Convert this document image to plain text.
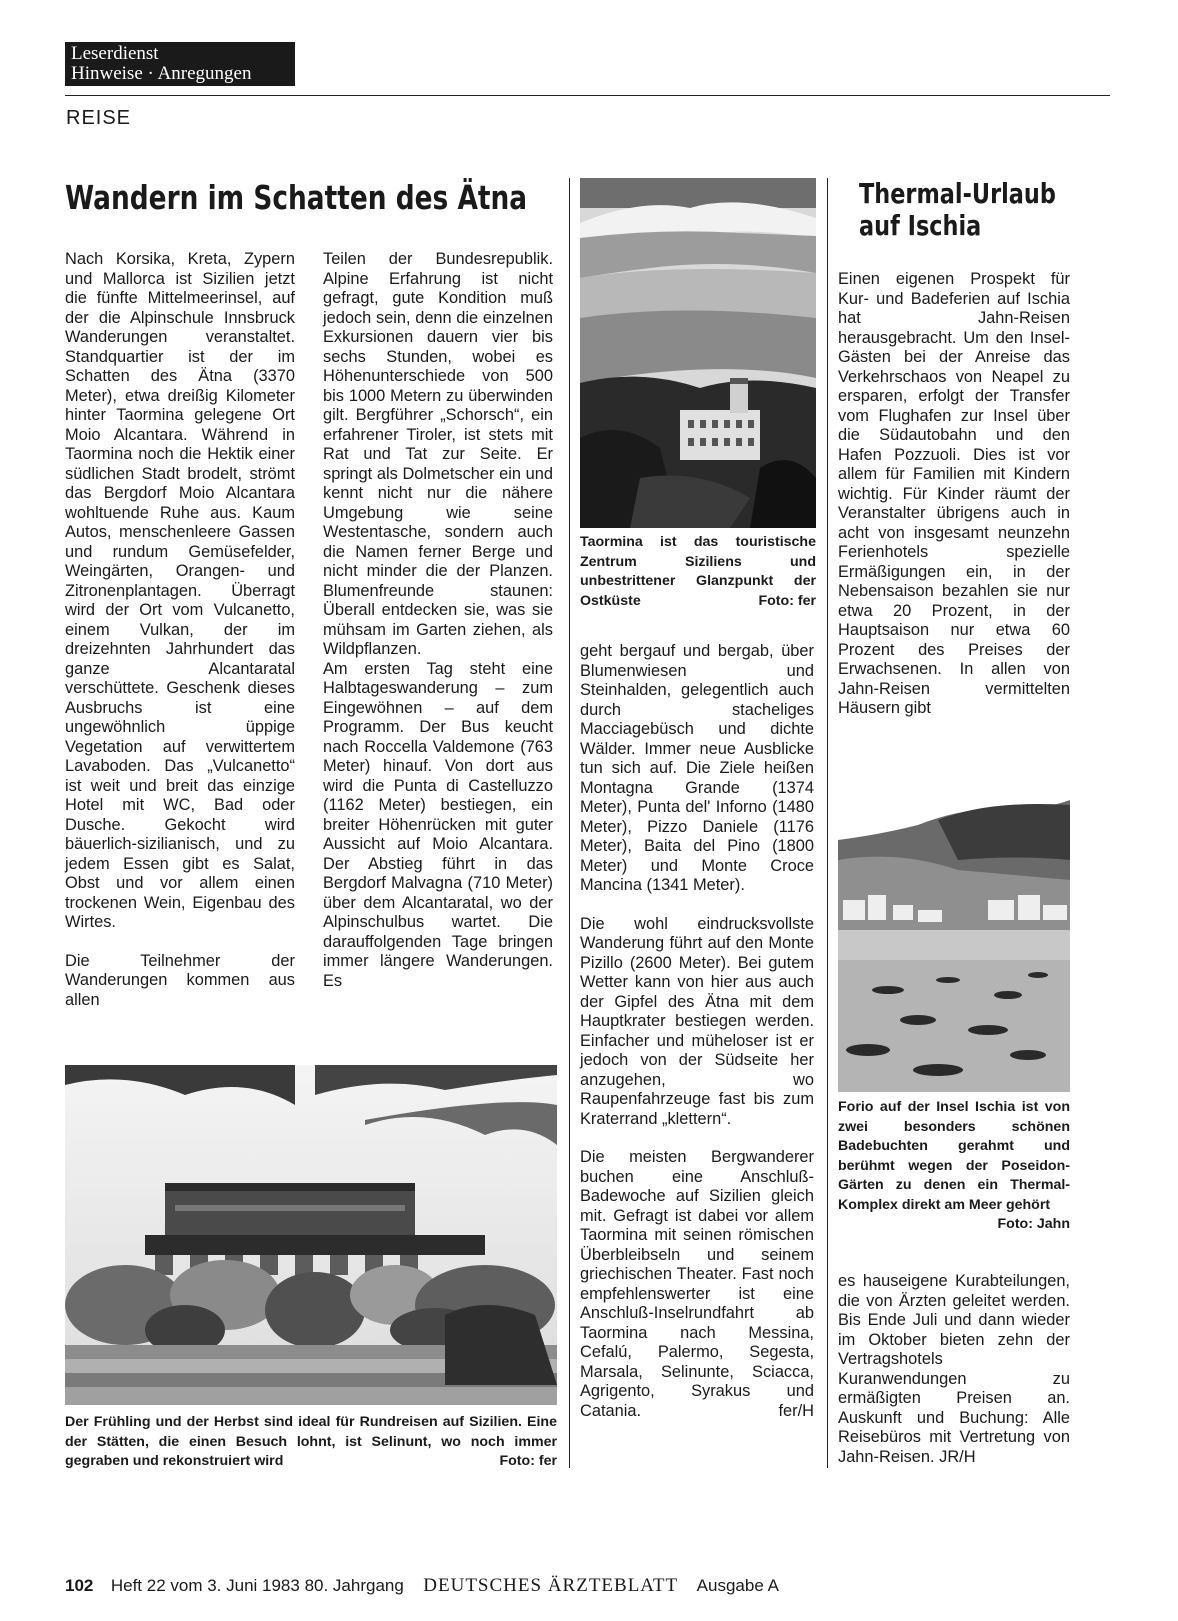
Leserdienst
Hinweise · Anregungen
REISE
Wandern im Schatten des Ätna	Thermal-Urlaub auf Ischia

Nach Korsika, Kreta, Zypern und Mallorca ist Sizilien jetzt die fünfte Mittelmeerinsel, auf der die Alpinschule Innsbruck Wanderungen veranstaltet. Standquartier ist der im Schatten des Ätna (3370 Meter), etwa dreißig Kilometer hinter Taormina gelegene Ort Moio Alcantara. Während in Taormina noch die Hektik einer südlichen Stadt brodelt, strömt das Bergdorf Moio Alcantara wohltuende Ruhe aus. Kaum Autos, menschenleere Gassen und rundum Gemüsefelder, Weingärten, Orangen- und Zitronenplantagen. Überragt wird der Ort vom Vulcanetto, einem Vulkan, der im dreizehnten Jahrhundert das ganze Alcantaratal verschüttete. Geschenk dieses Ausbruchs ist eine ungewöhnlich üppige Vegetation auf verwittertem Lavaboden. Das „Vulcanetto“ ist weit und breit das einzige Hotel mit WC, Bad oder Dusche. Gekocht wird bäuerlich-sizilianisch, und zu jedem Essen gibt es Salat, Obst und vor allem einen trockenen Wein, Eigenbau des Wirtes.

Die Teilnehmer der Wanderungen kommen aus allen

Teilen der Bundesrepublik. Alpine Erfahrung ist nicht gefragt, gute Kondition muß jedoch sein, denn die einzelnen Exkursionen dauern vier bis sechs Stunden, wobei es Höhenunterschiede von 500 bis 1000 Metern zu überwinden gilt. Bergführer „Schorsch“, ein erfahrener Tiroler, ist stets mit Rat und Tat zur Seite. Er springt als Dolmetscher ein und kennt nicht nur die nähere Umgebung wie seine Westentasche, sondern auch die Namen ferner Berge und nicht minder die der Planzen. Blumenfreunde staunen: Überall entdecken sie, was sie mühsam im Garten ziehen, als Wildpflanzen.

Am ersten Tag steht eine Halbtageswanderung – zum Eingewöhnen – auf dem Programm. Der Bus keucht nach Roccella Valdemone (763 Meter) hinauf. Von dort aus wird die Punta di Castelluzzo (1162 Meter) bestiegen, ein breiter Höhenrücken mit guter Aussicht auf Moio Alcantara. Der Abstieg führt in das Bergdorf Malvagna (710 Meter) über dem Alcantaratal, wo der Alpinschulbus wartet. Die darauffolgenden Tage bringen immer längere Wanderungen. Es

Der Frühling und der Herbst sind ideal für Rundreisen auf Sizilien. Eine der Stätten, die einen Besuch lohnt, ist Selinunt, wo noch immer gegraben und rekonstruiert wird	Foto: fer
Taormina ist das touristische Zentrum Siziliens und unbestrittener Glanzpunkt der Ostküste	Foto: fer

geht bergauf und bergab, über Blumenwiesen und Steinhalden, gelegentlich auch durch stacheliges Macciagebüsch und dichte Wälder. Immer neue Ausblicke tun sich auf. Die Ziele heißen Montagna Grande (1374 Meter), Punta del' Inforno (1480 Meter), Pizzo Daniele (1176 Meter), Baita del Pino (1800 Meter) und Monte Croce Mancina (1341 Meter).

Die wohl eindrucksvollste Wanderung führt auf den Monte Pizillo (2600 Meter). Bei gutem Wetter kann von hier aus auch der Gipfel des Ätna mit dem Hauptkrater bestiegen werden. Einfacher und müheloser ist er jedoch von der Südseite her anzugehen, wo Raupenfahrzeuge fast bis zum Kraterrand „klettern“.

Die meisten Bergwanderer buchen eine Anschluß-Badewoche auf Sizilien gleich mit. Gefragt ist dabei vor allem Taormina mit seinen römischen Überbleibseln und seinem griechischen Theater. Fast noch empfehlenswerter ist eine Anschluß-Inselrundfahrt ab Taormina nach Messina, Cefalú, Palermo, Segesta, Marsala, Selinunte, Sciacca, Agrigento, Syrakus und Catania.	fer/H

Einen eigenen Prospekt für Kur- und Badeferien auf Ischia hat Jahn-Reisen herausgebracht. Um den Insel-Gästen bei der Anreise das Verkehrschaos von Neapel zu ersparen, erfolgt der Transfer vom Flughafen zur Insel über die Südautobahn und den Hafen Pozzuoli. Dies ist vor allem für Familien mit Kindern wichtig. Für Kinder räumt der Veranstalter übrigens auch in acht von insgesamt neunzehn Ferienhotels spezielle Ermäßigungen ein, in der Nebensaison bezahlen sie nur etwa 20 Prozent, in der Hauptsaison nur etwa 60 Prozent des Preises der Erwachsenen. In allen von Jahn-Reisen vermittelten Häusern gibt

Forio auf der Insel Ischia ist von zwei besonders schönen Badebuchten gerahmt und berühmt wegen der Poseidon-Gärten zu denen ein Thermal-Komplex direkt am Meer gehört
Foto: Jahn

es hauseigene Kurabteilungen, die von Ärzten geleitet werden. Bis Ende Juli und dann wieder im Oktober bieten zehn der Vertragshotels Kuranwendungen zu ermäßigten Preisen an. Auskunft und Buchung: Alle Reisebüros mit Vertretung von Jahn-Reisen. JR/H

102 Heft 22 vom 3. Juni 1983 80. Jahrgang DEUTSCHES ÄRZTEBLATT Ausgabe A
